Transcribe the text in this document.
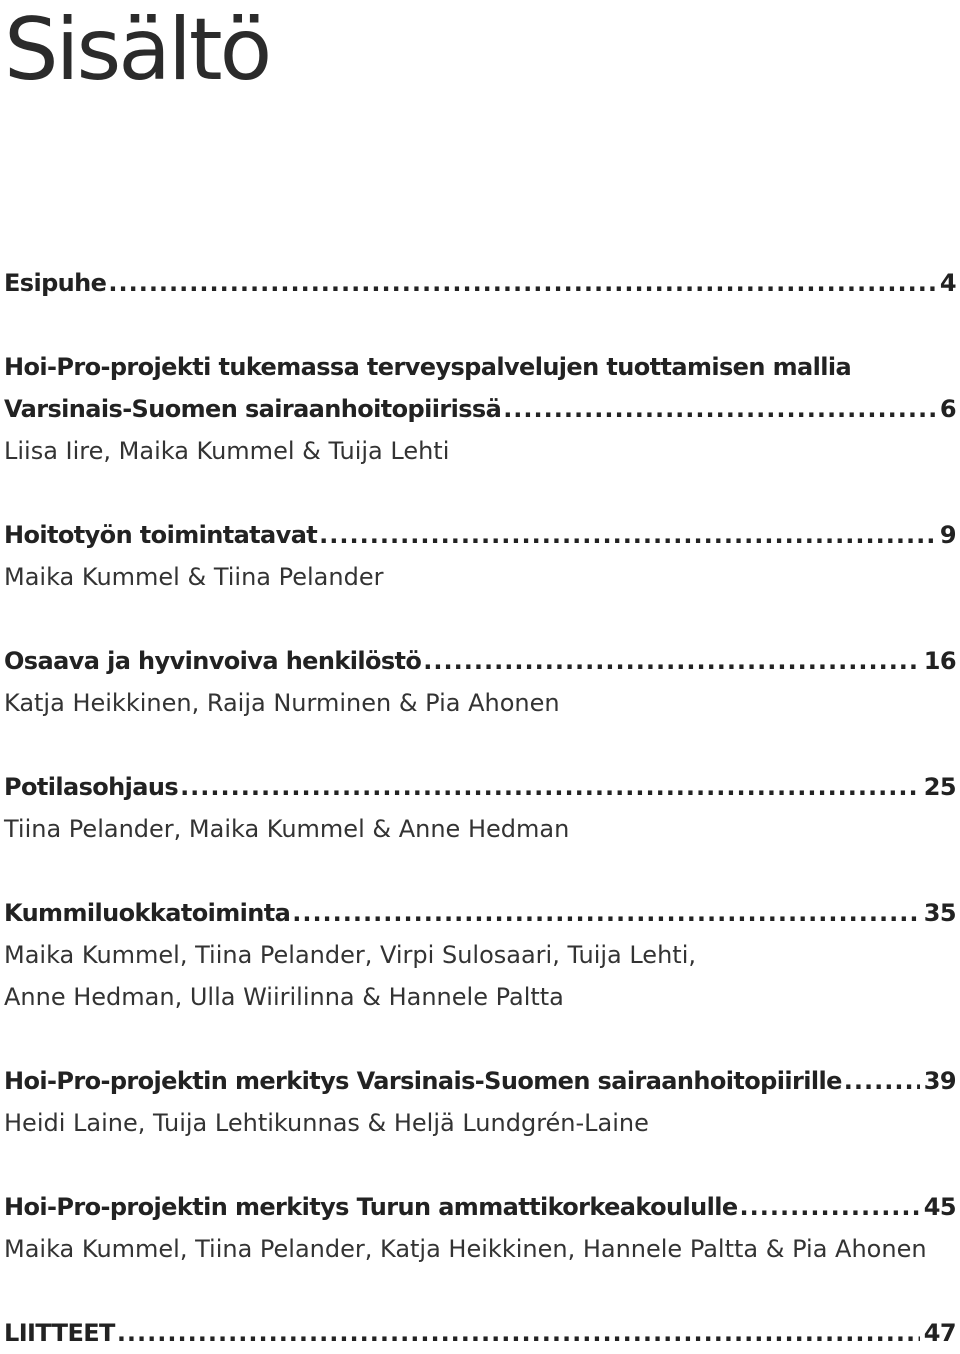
Sisältö
Esipuhe .....	4
Hoi-Pro-projekti tukemassa terveyspalvelujen tuottamisen mallia
Varsinais-Suomen sairaanhoitopiirissä .....	6
Liisa Iire, Maika Kummel & Tuija Lehti
Hoitotyön toimintatavat .....	9
Maika Kummel & Tiina Pelander
Osaava ja hyvinvoiva henkilöstö .....	16
Katja Heikkinen, Raija Nurminen & Pia Ahonen
Potilasohjaus .....	25
Tiina Pelander, Maika Kummel & Anne Hedman
Kummiluokkatoiminta .....	35
Maika Kummel, Tiina Pelander, Virpi Sulosaari, Tuija Lehti,
Anne Hedman, Ulla Wiirilinna & Hannele Paltta
Hoi-Pro-projektin merkitys Varsinais-Suomen sairaanhoitopiirille .....	39
Heidi Laine, Tuija Lehtikunnas & Heljä Lundgrén-Laine
Hoi-Pro-projektin merkitys Turun ammattikorkeakoululle .....	45
Maika Kummel, Tiina Pelander, Katja Heikkinen, Hannele Paltta & Pia Ahonen
LIITTEET .....	47
